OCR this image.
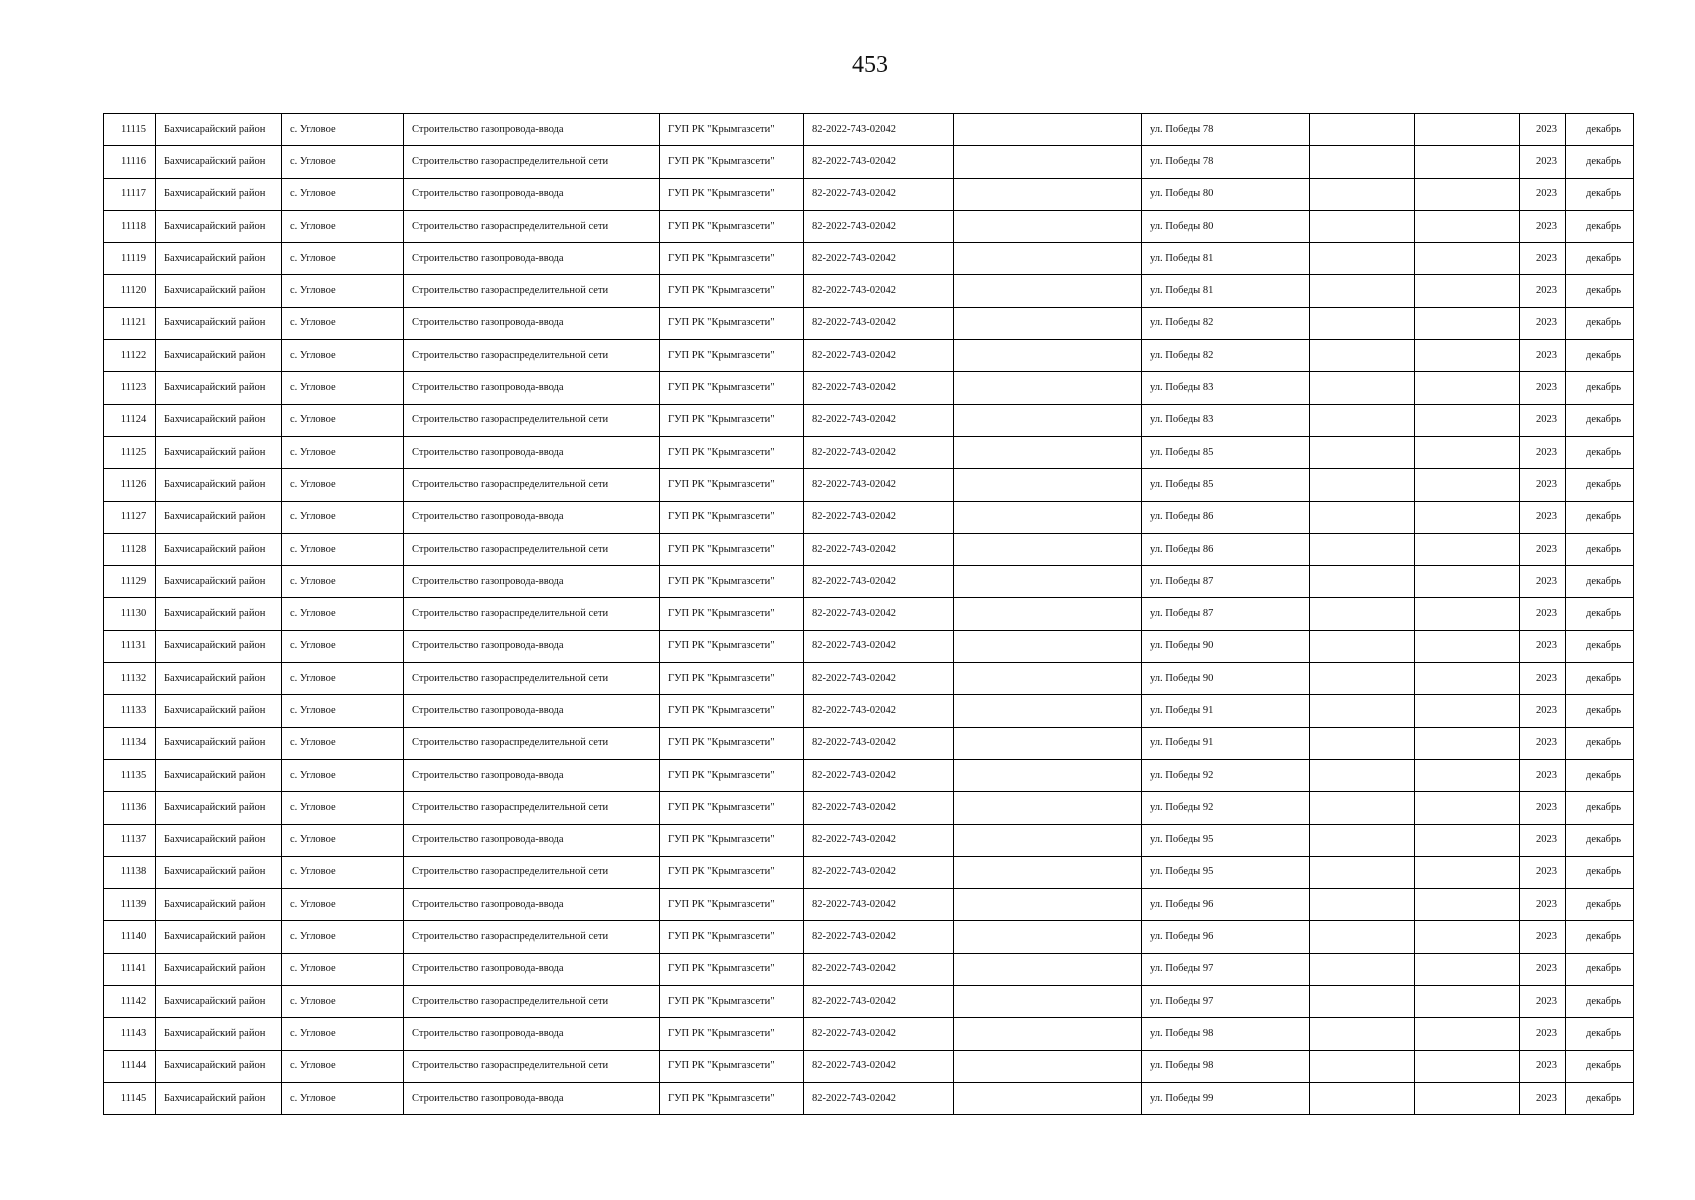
453
11115	Бахчисарайский район	с. Угловое	Строительство газопровода-ввода	ГУП РК "Крымгазсети"	82-2022-743-02042		ул. Победы 78			2023	декабрь
11116	Бахчисарайский район	с. Угловое	Строительство газораспределительной сети	ГУП РК "Крымгазсети"	82-2022-743-02042		ул. Победы 78			2023	декабрь
11117	Бахчисарайский район	с. Угловое	Строительство газопровода-ввода	ГУП РК "Крымгазсети"	82-2022-743-02042		ул. Победы 80			2023	декабрь
11118	Бахчисарайский район	с. Угловое	Строительство газораспределительной сети	ГУП РК "Крымгазсети"	82-2022-743-02042		ул. Победы 80			2023	декабрь
11119	Бахчисарайский район	с. Угловое	Строительство газопровода-ввода	ГУП РК "Крымгазсети"	82-2022-743-02042		ул. Победы 81			2023	декабрь
11120	Бахчисарайский район	с. Угловое	Строительство газораспределительной сети	ГУП РК "Крымгазсети"	82-2022-743-02042		ул. Победы 81			2023	декабрь
11121	Бахчисарайский район	с. Угловое	Строительство газопровода-ввода	ГУП РК "Крымгазсети"	82-2022-743-02042		ул. Победы 82			2023	декабрь
11122	Бахчисарайский район	с. Угловое	Строительство газораспределительной сети	ГУП РК "Крымгазсети"	82-2022-743-02042		ул. Победы 82			2023	декабрь
11123	Бахчисарайский район	с. Угловое	Строительство газопровода-ввода	ГУП РК "Крымгазсети"	82-2022-743-02042		ул. Победы 83			2023	декабрь
11124	Бахчисарайский район	с. Угловое	Строительство газораспределительной сети	ГУП РК "Крымгазсети"	82-2022-743-02042		ул. Победы 83			2023	декабрь
11125	Бахчисарайский район	с. Угловое	Строительство газопровода-ввода	ГУП РК "Крымгазсети"	82-2022-743-02042		ул. Победы 85			2023	декабрь
11126	Бахчисарайский район	с. Угловое	Строительство газораспределительной сети	ГУП РК "Крымгазсети"	82-2022-743-02042		ул. Победы 85			2023	декабрь
11127	Бахчисарайский район	с. Угловое	Строительство газопровода-ввода	ГУП РК "Крымгазсети"	82-2022-743-02042		ул. Победы 86			2023	декабрь
11128	Бахчисарайский район	с. Угловое	Строительство газораспределительной сети	ГУП РК "Крымгазсети"	82-2022-743-02042		ул. Победы 86			2023	декабрь
11129	Бахчисарайский район	с. Угловое	Строительство газопровода-ввода	ГУП РК "Крымгазсети"	82-2022-743-02042		ул. Победы 87			2023	декабрь
11130	Бахчисарайский район	с. Угловое	Строительство газораспределительной сети	ГУП РК "Крымгазсети"	82-2022-743-02042		ул. Победы 87			2023	декабрь
11131	Бахчисарайский район	с. Угловое	Строительство газопровода-ввода	ГУП РК "Крымгазсети"	82-2022-743-02042		ул. Победы 90			2023	декабрь
11132	Бахчисарайский район	с. Угловое	Строительство газораспределительной сети	ГУП РК "Крымгазсети"	82-2022-743-02042		ул. Победы 90			2023	декабрь
11133	Бахчисарайский район	с. Угловое	Строительство газопровода-ввода	ГУП РК "Крымгазсети"	82-2022-743-02042		ул. Победы 91			2023	декабрь
11134	Бахчисарайский район	с. Угловое	Строительство газораспределительной сети	ГУП РК "Крымгазсети"	82-2022-743-02042		ул. Победы 91			2023	декабрь
11135	Бахчисарайский район	с. Угловое	Строительство газопровода-ввода	ГУП РК "Крымгазсети"	82-2022-743-02042		ул. Победы 92			2023	декабрь
11136	Бахчисарайский район	с. Угловое	Строительство газораспределительной сети	ГУП РК "Крымгазсети"	82-2022-743-02042		ул. Победы 92			2023	декабрь
11137	Бахчисарайский район	с. Угловое	Строительство газопровода-ввода	ГУП РК "Крымгазсети"	82-2022-743-02042		ул. Победы 95			2023	декабрь
11138	Бахчисарайский район	с. Угловое	Строительство газораспределительной сети	ГУП РК "Крымгазсети"	82-2022-743-02042		ул. Победы 95			2023	декабрь
11139	Бахчисарайский район	с. Угловое	Строительство газопровода-ввода	ГУП РК "Крымгазсети"	82-2022-743-02042		ул. Победы 96			2023	декабрь
11140	Бахчисарайский район	с. Угловое	Строительство газораспределительной сети	ГУП РК "Крымгазсети"	82-2022-743-02042		ул. Победы 96			2023	декабрь
11141	Бахчисарайский район	с. Угловое	Строительство газопровода-ввода	ГУП РК "Крымгазсети"	82-2022-743-02042		ул. Победы 97			2023	декабрь
11142	Бахчисарайский район	с. Угловое	Строительство газораспределительной сети	ГУП РК "Крымгазсети"	82-2022-743-02042		ул. Победы 97			2023	декабрь
11143	Бахчисарайский район	с. Угловое	Строительство газопровода-ввода	ГУП РК "Крымгазсети"	82-2022-743-02042		ул. Победы 98			2023	декабрь
11144	Бахчисарайский район	с. Угловое	Строительство газораспределительной сети	ГУП РК "Крымгазсети"	82-2022-743-02042		ул. Победы 98			2023	декабрь
11145	Бахчисарайский район	с. Угловое	Строительство газопровода-ввода	ГУП РК "Крымгазсети"	82-2022-743-02042		ул. Победы 99			2023	декабрь
